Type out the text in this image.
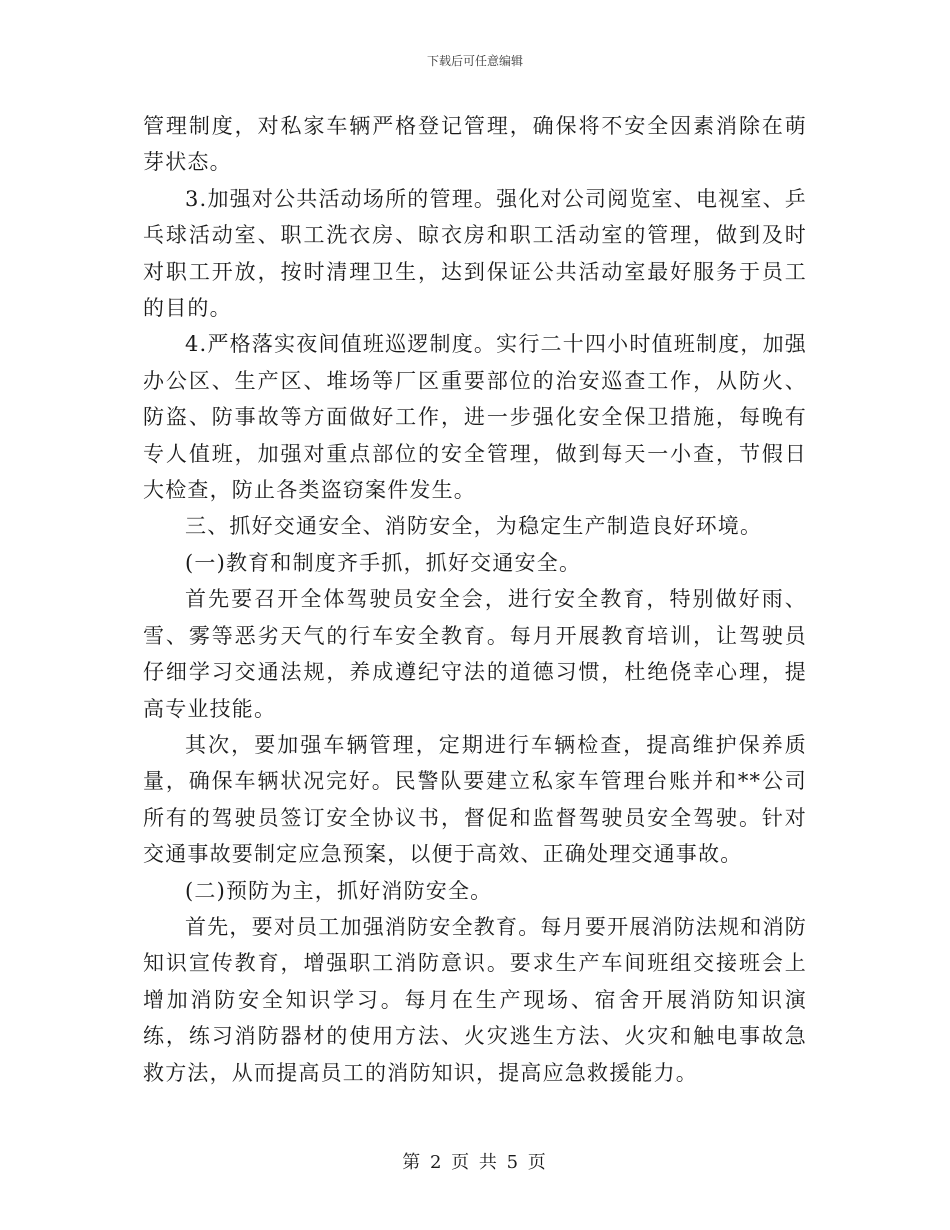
下载后可任意编辑

管理制度，对私家车辆严格登记管理，确保将不安全因素消除在萌芽状态。

3.加强对公共活动场所的管理。强化对公司阅览室、电视室、乒乓球活动室、职工洗衣房、晾衣房和职工活动室的管理，做到及时对职工开放，按时清理卫生，达到保证公共活动室最好服务于员工的目的。

4.严格落实夜间值班巡逻制度。实行二十四小时值班制度，加强办公区、生产区、堆场等厂区重要部位的治安巡查工作，从防火、防盗、防事故等方面做好工作，进一步强化安全保卫措施，每晚有专人值班，加强对重点部位的安全管理，做到每天一小查，节假日大检查，防止各类盗窃案件发生。

三、抓好交通安全、消防安全，为稳定生产制造良好环境。

(一)教育和制度齐手抓，抓好交通安全。

首先要召开全体驾驶员安全会，进行安全教育，特别做好雨、雪、雾等恶劣天气的行车安全教育。每月开展教育培训，让驾驶员仔细学习交通法规，养成遵纪守法的道德习惯，杜绝侥幸心理，提高专业技能。

其次，要加强车辆管理，定期进行车辆检查，提高维护保养质量，确保车辆状况完好。民警队要建立私家车管理台账并和**公司所有的驾驶员签订安全协议书，督促和监督驾驶员安全驾驶。针对交通事故要制定应急预案，以便于高效、正确处理交通事故。

(二)预防为主，抓好消防安全。

首先，要对员工加强消防安全教育。每月要开展消防法规和消防知识宣传教育，增强职工消防意识。要求生产车间班组交接班会上增加消防安全知识学习。每月在生产现场、宿舍开展消防知识演练，练习消防器材的使用方法、火灾逃生方法、火灾和触电事故急救方法，从而提高员工的消防知识，提高应急救援能力。

第 2 页 共 5 页
